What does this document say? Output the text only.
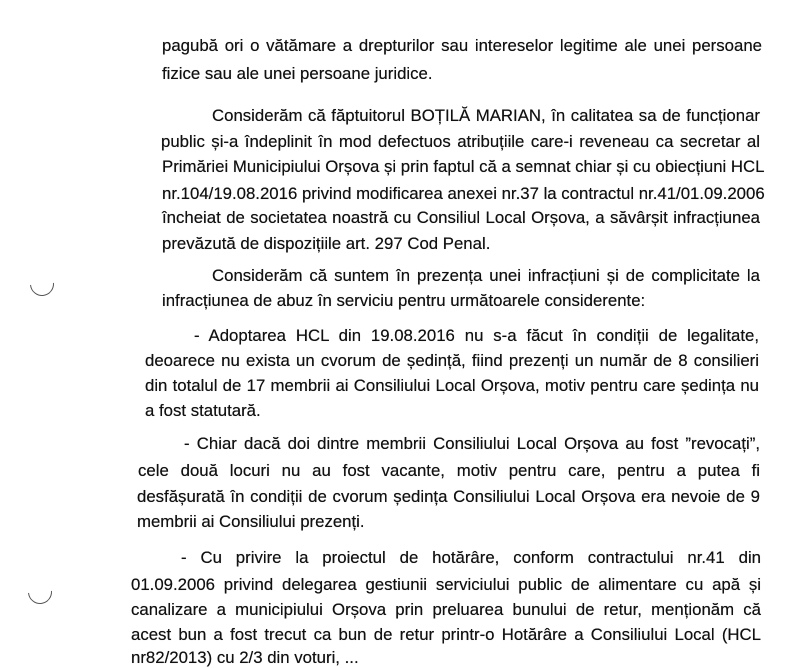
pagubă ori o vătămare a drepturilor sau intereselor legitime ale unei persoane
fizice sau ale unei persoane juridice.
Considerăm că făptuitorul BOȚILĂ MARIAN, în calitatea sa de funcționar
public și-a îndeplinit în mod defectuos atribuțiile care-i reveneau ca secretar al
Primăriei Municipiului Orșova și prin faptul că a semnat chiar și cu obiecțiuni HCL
nr.104/19.08.2016 privind modificarea anexei nr.37 la contractul nr.41/01.09.2006
încheiat de societatea noastră cu Consiliul Local Orșova, a săvârșit infracțiunea
prevăzută de dispozițiile art. 297 Cod Penal.
Considerăm că suntem în prezența unei infracțiuni și de complicitate la
infracțiunea de abuz în serviciu pentru următoarele considerente:
- Adoptarea HCL din 19.08.2016 nu s-a făcut în condiții de legalitate,
deoarece nu exista un cvorum de ședință, fiind prezenți un număr de 8 consilieri
din totalul de 17 membrii ai Consiliului Local Orșova, motiv pentru care ședința nu
a fost statutară.
- Chiar dacă doi dintre membrii Consiliului Local Orșova au fost ”revocați”,
cele două locuri nu au fost vacante, motiv pentru care, pentru a putea fi
desfășurată în condiții de cvorum ședința Consiliului Local Orșova era nevoie de 9
membrii ai Consiliului prezenți.
- Cu privire la proiectul de hotărâre, conform contractului nr.41 din
01.09.2006 privind delegarea gestiunii serviciului public de alimentare cu apă și
canalizare a municipiului Orșova prin preluarea bunului de retur, menționăm că
acest bun a fost trecut ca bun de retur printr-o Hotărâre a Consiliului Local (HCL
nr82/2013) cu 2/3 din voturi, ...
